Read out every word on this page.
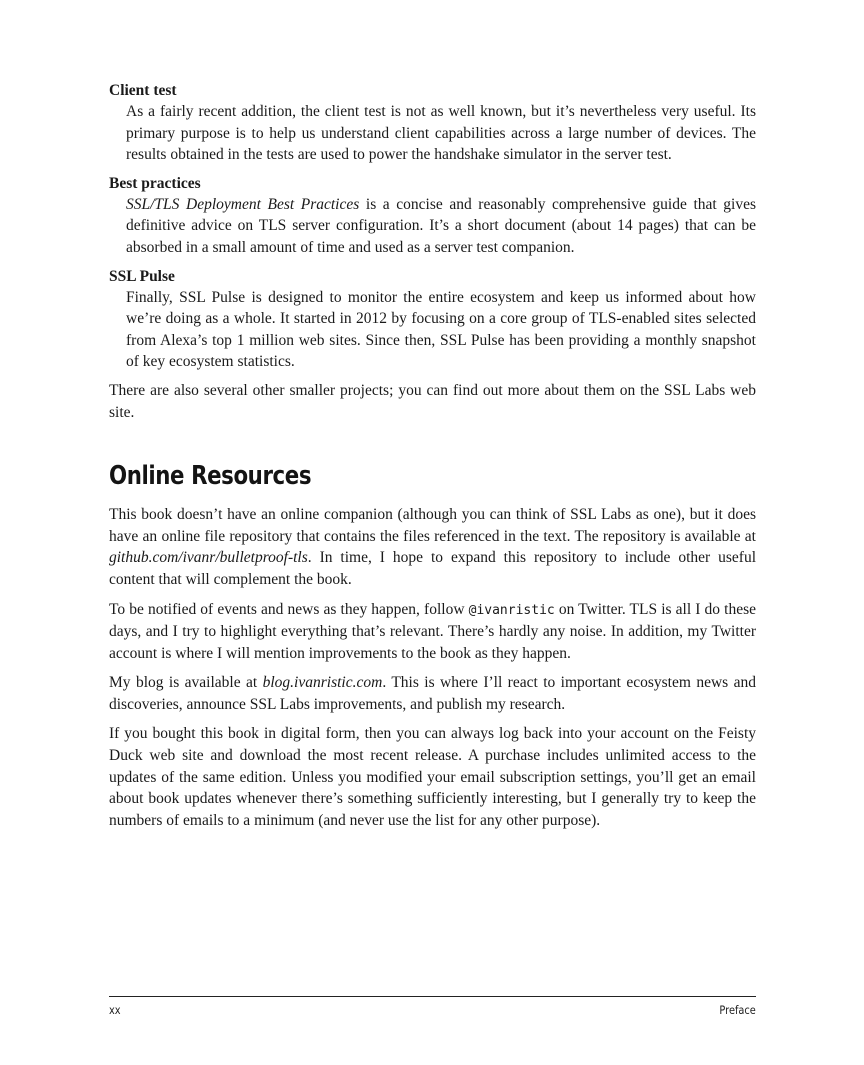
Client test
As a fairly recent addition, the client test is not as well known, but it’s nevertheless very useful. Its primary purpose is to help us understand client capabilities across a large number of devices. The results obtained in the tests are used to power the handshake simulator in the server test.
Best practices
SSL/TLS Deployment Best Practices is a concise and reasonably comprehensive guide that gives definitive advice on TLS server configuration. It’s a short document (about 14 pages) that can be absorbed in a small amount of time and used as a server test companion.
SSL Pulse
Finally, SSL Pulse is designed to monitor the entire ecosystem and keep us informed about how we’re doing as a whole. It started in 2012 by focusing on a core group of TLS-enabled sites selected from Alexa’s top 1 million web sites. Since then, SSL Pulse has been providing a monthly snapshot of key ecosystem statistics.

There are also several other smaller projects; you can find out more about them on the SSL Labs web site.

Online Resources

This book doesn’t have an online companion (although you can think of SSL Labs as one), but it does have an online file repository that contains the files referenced in the text. The repository is available at github.com/ivanr/bulletproof-tls. In time, I hope to expand this repository to include other useful content that will complement the book.

To be notified of events and news as they happen, follow @ivanristic on Twitter. TLS is all I do these days, and I try to highlight everything that’s relevant. There’s hardly any noise. In addition, my Twitter account is where I will mention improvements to the book as they happen.

My blog is available at blog.ivanristic.com. This is where I’ll react to important ecosystem news and discoveries, announce SSL Labs improvements, and publish my research.

If you bought this book in digital form, then you can always log back into your account on the Feisty Duck web site and download the most recent release. A purchase includes unlimited access to the updates of the same edition. Unless you modified your email subscription settings, you’ll get an email about book updates whenever there’s something sufficiently interesting, but I generally try to keep the numbers of emails to a minimum (and never use the list for any other purpose).

xx	Preface
